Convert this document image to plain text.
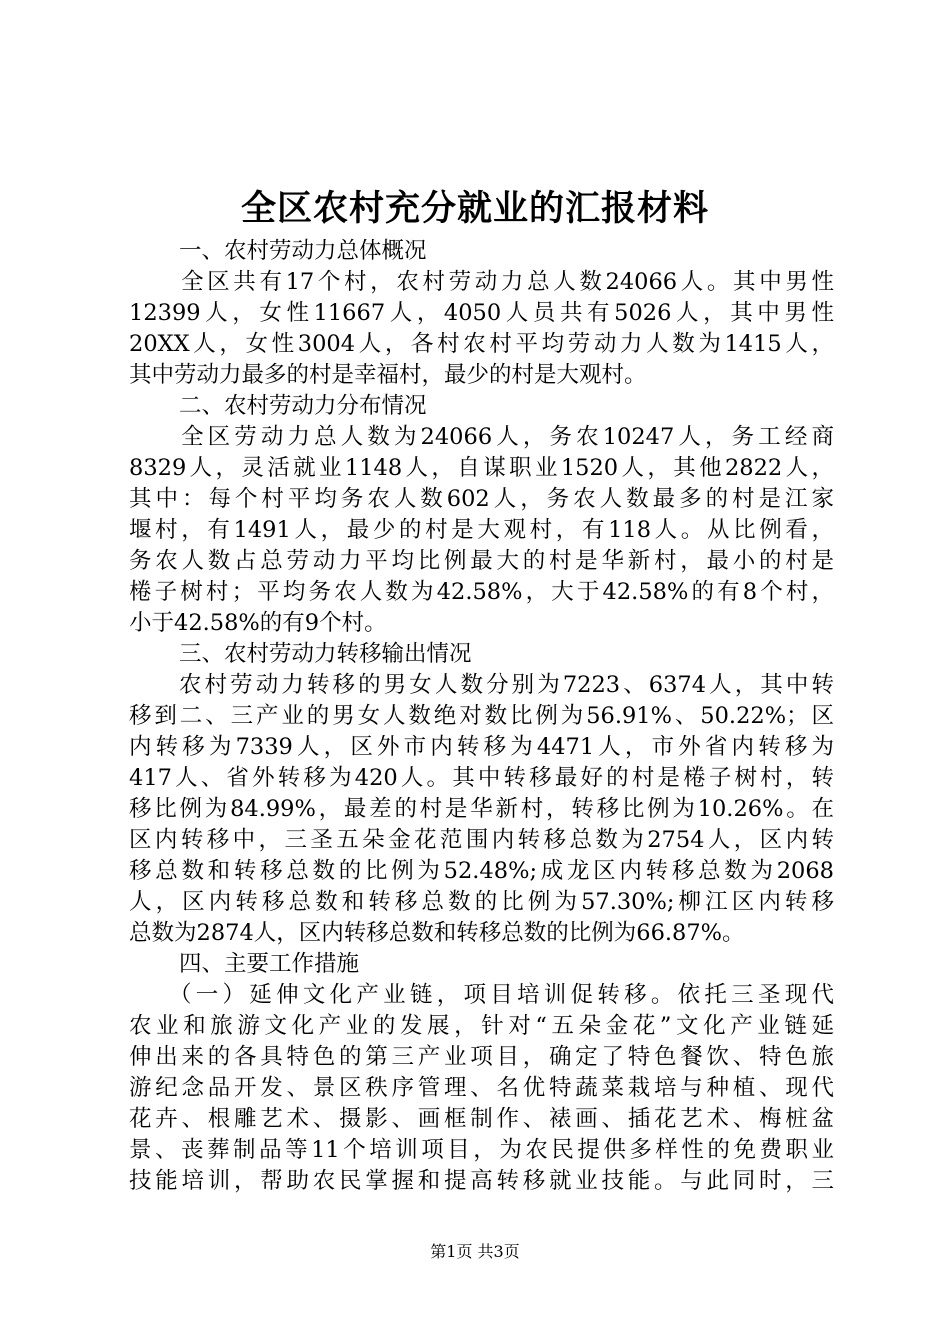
全区农村充分就业的汇报材料
一、农村劳动力总体概况
全区共有17个村，农村劳动力总人数24066人。其中男性
12399人，女性11667人，4050人员共有5026人，其中男性
20XX人，女性3004人，各村农村平均劳动力人数为1415人，
其中劳动力最多的村是幸福村，最少的村是大观村。
二、农村劳动力分布情况
全区劳动力总人数为24066人，务农10247人，务工经商
8329人，灵活就业1148人，自谋职业1520人，其他2822人，
其中：每个村平均务农人数602人，务农人数最多的村是江家
堰村，有1491人，最少的村是大观村，有118人。从比例看，
务农人数占总劳动力平均比例最大的村是华新村，最小的村是
棬子树村；平均务农人数为42.58%，大于42.58%的有8个村，
小于42.58%的有9个村。
三、农村劳动力转移输出情况
农村劳动力转移的男女人数分别为7223、6374人，其中转
移到二、三产业的男女人数绝对数比例为56.91%、50.22%；区
内转移为7339人，区外市内转移为4471人，市外省内转移为
417人、省外转移为420人。其中转移最好的村是棬子树村，转
移比例为84.99%，最差的村是华新村，转移比例为10.26%。在
区内转移中，三圣五朵金花范围内转移总数为2754人，区内转
移总数和转移总数的比例为52.48%;成龙区内转移总数为2068
人，区内转移总数和转移总数的比例为57.30%;柳江区内转移
总数为2874人，区内转移总数和转移总数的比例为66.87%。
四、主要工作措施
（一）延伸文化产业链，项目培训促转移。依托三圣现代
农业和旅游文化产业的发展，针对“五朵金花”文化产业链延
伸出来的各具特色的第三产业项目，确定了特色餐饮、特色旅
游纪念品开发、景区秩序管理、名优特蔬菜栽培与种植、现代
花卉、根雕艺术、摄影、画框制作、裱画、插花艺术、梅桩盆
景、丧葬制品等11个培训项目，为农民提供多样性的免费职业
技能培训，帮助农民掌握和提高转移就业技能。与此同时，三
第1页 共3页
